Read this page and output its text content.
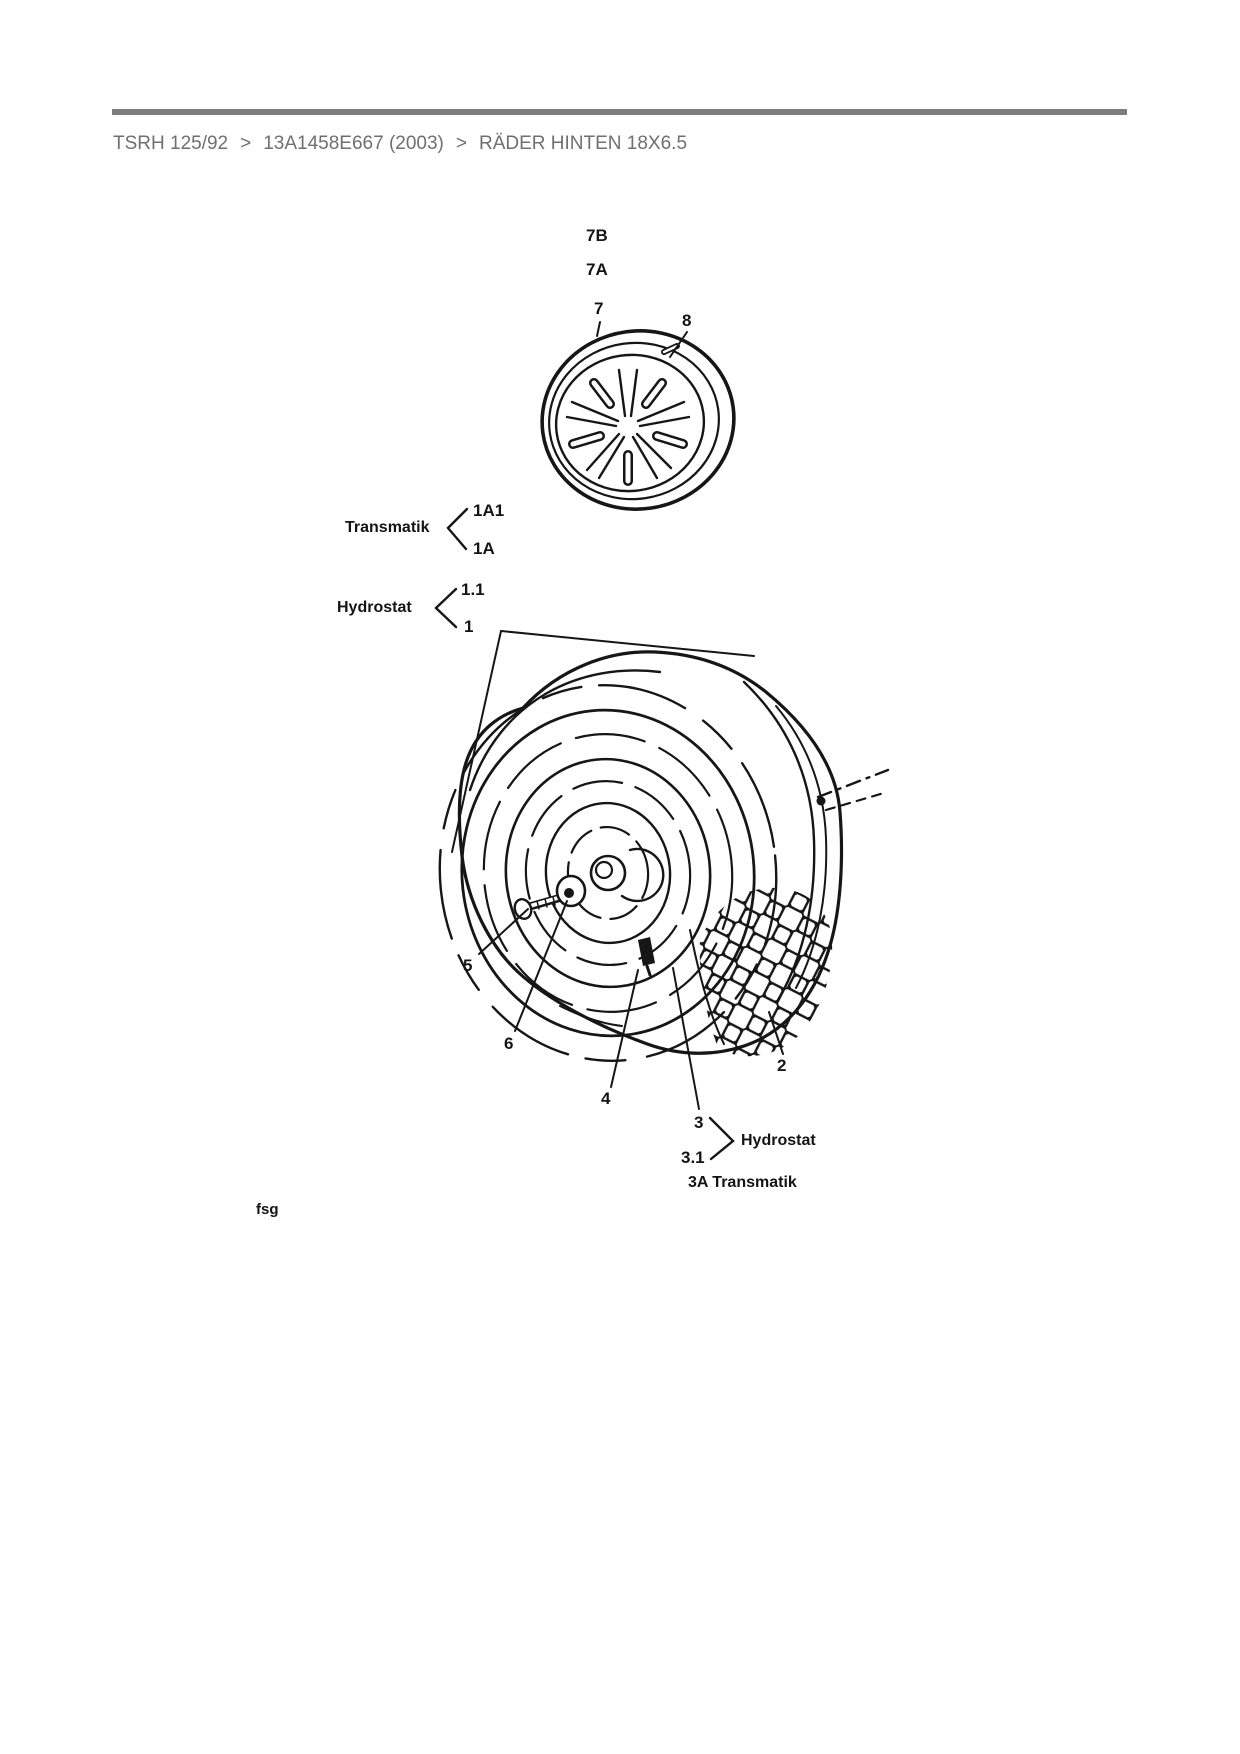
TSRH 125/92 > 13A1458E667 (2003) > RÄDER HINTEN 18X6.5
7B
7A
7
8
Transmatik
1A1
1A
1.1
Hydrostat
1
5
6
4
2
3
3.1
Hydrostat
3A Transmatik
fsg
